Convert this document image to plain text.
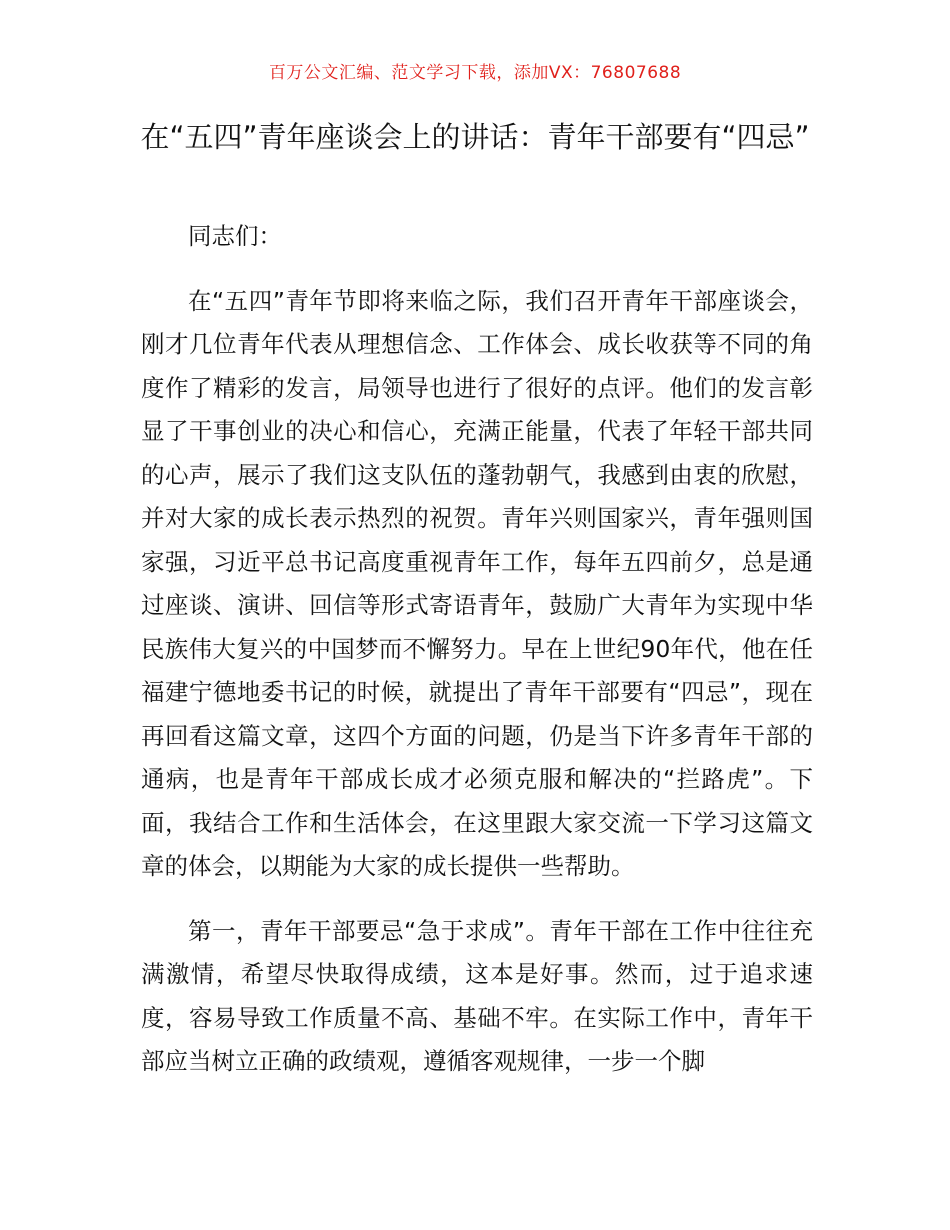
百万公文汇编、范文学习下载，添加VX：76807688
在“五四”青年座谈会上的讲话：青年干部要有“四忌”

同志们：

在“五四”青年节即将来临之际，我们召开青年干部座谈会，刚才几位青年代表从理想信念、工作体会、成长收获等不同的角度作了精彩的发言，局领导也进行了很好的点评。他们的发言彰显了干事创业的决心和信心，充满正能量，代表了年轻干部共同的心声，展示了我们这支队伍的蓬勃朝气，我感到由衷的欣慰，并对大家的成长表示热烈的祝贺。青年兴则国家兴，青年强则国家强，习近平总书记高度重视青年工作，每年五四前夕，总是通过座谈、演讲、回信等形式寄语青年，鼓励广大青年为实现中华民族伟大复兴的中国梦而不懈努力。早在上世纪90年代，他在任福建宁德地委书记的时候，就提出了青年干部要有“四忌”，现在再回看这篇文章，这四个方面的问题，仍是当下许多青年干部的通病，也是青年干部成长成才必须克服和解决的“拦路虎”。下面，我结合工作和生活体会，在这里跟大家交流一下学习这篇文章的体会，以期能为大家的成长提供一些帮助。

第一，青年干部要忌“急于求成”。青年干部在工作中往往充满激情，希望尽快取得成绩，这本是好事。然而，过于追求速度，容易导致工作质量不高、基础不牢。在实际工作中，青年干部应当树立正确的政绩观，遵循客观规律，一步一个脚
